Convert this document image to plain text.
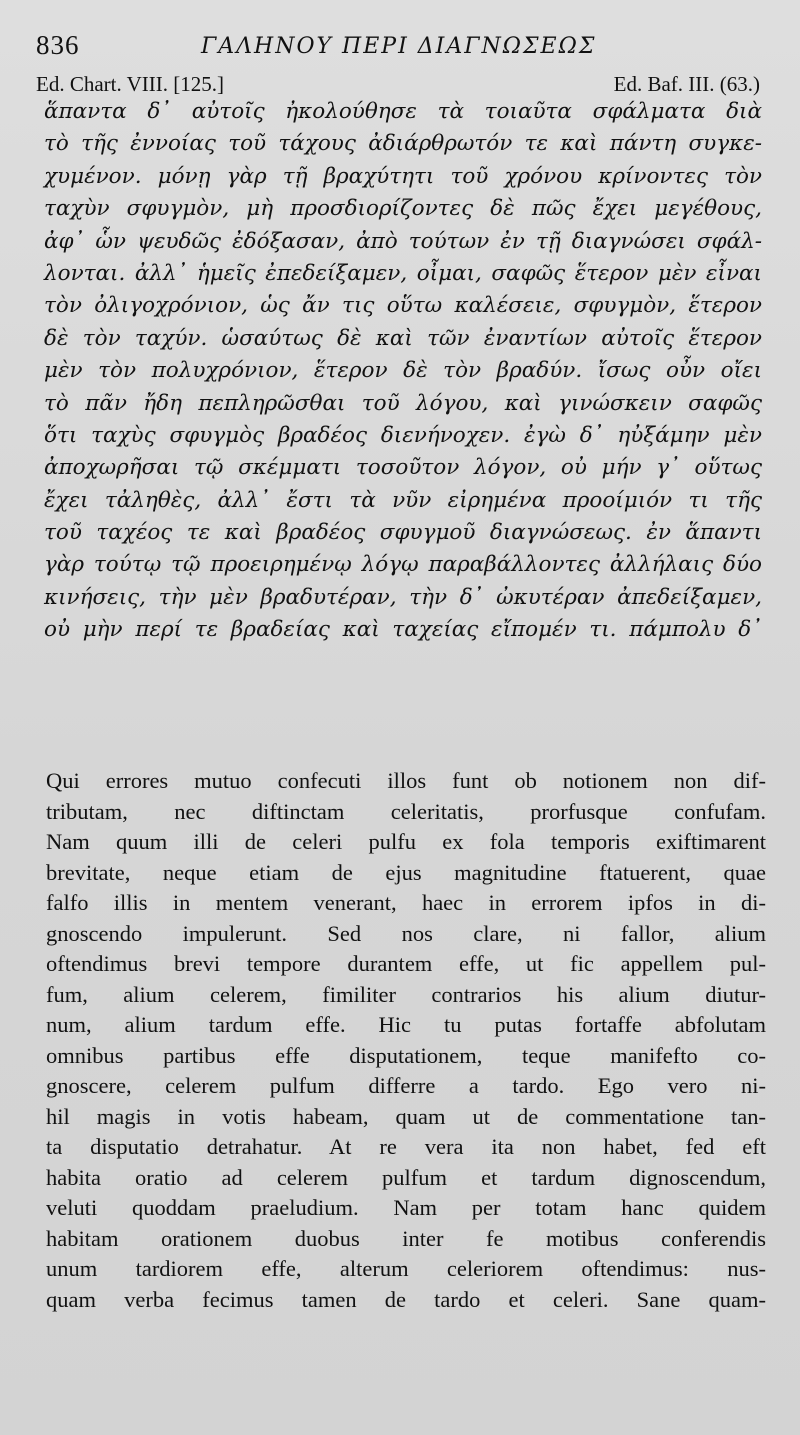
836	ΓΑΛΗΝΟΥ ΠΕΡΙ ΔΙΑΓΝΩΣΕΩΣ
Ed. Chart. VIII. [125.]	Ed. Baf. III. (63.)
ἅπαντα δ᾽ αὐτοῖς ἠκολούθησε τὰ τοιαῦτα σφάλματα διὰ
τὸ τῆς ἐννοίας τοῦ τάχους ἀδιάρθρωτόν τε καὶ πάντη συγκε-
χυμένον. μόνῃ γὰρ τῇ βραχύτητι τοῦ χρόνου κρίνοντες τὸν
ταχὺν σφυγμὸν, μὴ προσδιορίζοντες δὲ πῶς ἔχει μεγέθους,
ἀφ᾽ ὧν ψευδῶς ἐδόξασαν, ἀπὸ τούτων ἐν τῇ διαγνώσει σφάλ-
λονται. ἀλλ᾽ ἡμεῖς ἐπεδείξαμεν, οἶμαι, σαφῶς ἕτερον μὲν εἶναι
τὸν ὀλιγοχρόνιον, ὡς ἄν τις οὕτω καλέσειε, σφυγμὸν, ἕτερον
δὲ τὸν ταχύν. ὡσαύτως δὲ καὶ τῶν ἐναντίων αὐτοῖς ἕτερον
μὲν τὸν πολυχρόνιον, ἕτερον δὲ τὸν βραδύν. ἴσως οὖν οἴει
τὸ πᾶν ἤδη πεπληρῶσθαι τοῦ λόγου, καὶ γινώσκειν σαφῶς
ὅτι ταχὺς σφυγμὸς βραδέος διενήνοχεν. ἐγὼ δ᾽ ηὐξάμην μὲν
ἀποχωρῆσαι τῷ σκέμματι τοσοῦτον λόγον, οὐ μήν γ᾽ οὕτως
ἔχει τἀληθὲς, ἀλλ᾽ ἔστι τὰ νῦν εἰρημένα προοίμιόν τι τῆς
τοῦ ταχέος τε καὶ βραδέος σφυγμοῦ διαγνώσεως. ἐν ἅπαντι
γὰρ τούτῳ τῷ προειρημένῳ λόγῳ παραβάλλοντες ἀλλήλαις δύο
κινήσεις, τὴν μὲν βραδυτέραν, τὴν δ᾽ ὠκυτέραν ἀπεδείξαμεν,
οὐ μὴν περί τε βραδείας καὶ ταχείας εἴπομέν τι. πάμπολυ δ᾽
Qui errores mutuo confecuti illos funt ob notionem non dif-
tributam, nec diftinctam celeritatis, prorfusque confufam.
Nam quum illi de celeri pulfu ex fola temporis exiftimarent
brevitate, neque etiam de ejus magnitudine ftatuerent, quae
falfo illis in mentem venerant, haec in errorem ipfos in di-
gnoscendo impulerunt. Sed nos clare, ni fallor, alium
oftendimus brevi tempore durantem effe, ut fic appellem pul-
fum, alium celerem, fimiliter contrarios his alium diutur-
num, alium tardum effe. Hic tu putas fortaffe abfolutam
omnibus partibus effe disputationem, teque manifefto co-
gnoscere, celerem pulfum differre a tardo. Ego vero ni-
hil magis in votis habeam, quam ut de commentatione tan-
ta disputatio detrahatur. At re vera ita non habet, fed eft
habita oratio ad celerem pulfum et tardum dignoscendum,
veluti quoddam praeludium. Nam per totam hanc quidem
habitam orationem duobus inter fe motibus conferendis
unum tardiorem effe, alterum celeriorem oftendimus: nus-
quam verba fecimus tamen de tardo et celeri. Sane quam-
